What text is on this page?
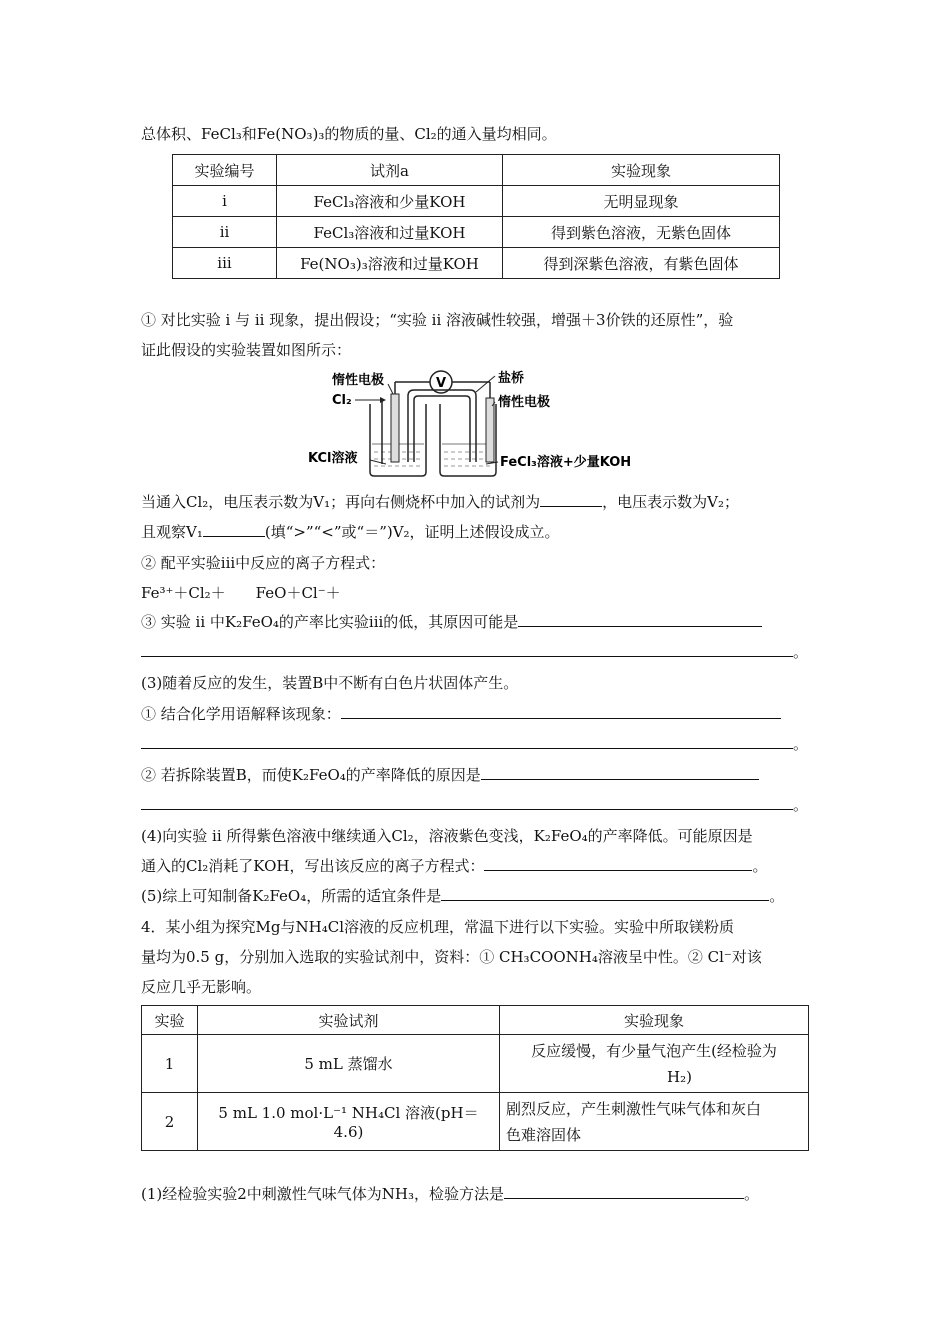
总体积、FeCl₃和Fe(NO₃)₃的物质的量、Cl₂的通入量均相同。
实验编号	试剂a	实验现象
i	FeCl₃溶液和少量KOH	无明显现象
ii	FeCl₃溶液和过量KOH	得到紫色溶液，无紫色固体
iii	Fe(NO₃)₃溶液和过量KOH	得到深紫色溶液，有紫色固体
① 对比实验 i 与 ii 现象，提出假设；“实验 ii 溶液碱性较强，增强＋3价铁的还原性”，验
证此假设的实验装置如图所示：
V
惰性电极
Cl₂
盐桥
惰性电极
KCl溶液	FeCl₃溶液+少量KOH
当通入Cl₂，电压表示数为V₁；再向右侧烧杯中加入的试剂为	，电压表示数为V₂；
且观察V₁	(填“>”“<”或“＝”)V₂，证明上述假设成立。
② 配平实验iii中反应的离子方程式：
Fe³⁺＋Cl₂＋　　FeO＋Cl⁻＋
③ 实验 ii 中K₂FeO₄的产率比实验iii的低，其原因可能是
。
(3)随着反应的发生，装置B中不断有白色片状固体产生。
① 结合化学用语解释该现象：
。
② 若拆除装置B，而使K₂FeO₄的产率降低的原因是
。
(4)向实验 ii 所得紫色溶液中继续通入Cl₂，溶液紫色变浅，K₂FeO₄的产率降低。可能原因是
通入的Cl₂消耗了KOH，写出该反应的离子方程式：	。
(5)综上可知制备K₂FeO₄，所需的适宜条件是	。
4．某小组为探究Mg与NH₄Cl溶液的反应机理，常温下进行以下实验。实验中所取镁粉质
量均为0.5 g，分别加入选取的实验试剂中，资料：① CH₃COONH₄溶液呈中性。② Cl⁻对该
反应几乎无影响。
实验	实验试剂	实验现象
1	5 mL 蒸馏水	反应缓慢，有少量气泡产生(经检验为

H₂)

2	5 mL 1.0 mol·L⁻¹ NH₄Cl 溶液(pH＝4.6)	剧烈反应，产生刺激性气味气体和灰白
色难溶固体
(1)经检验实验2中刺激性气味气体为NH₃，检验方法是	。
